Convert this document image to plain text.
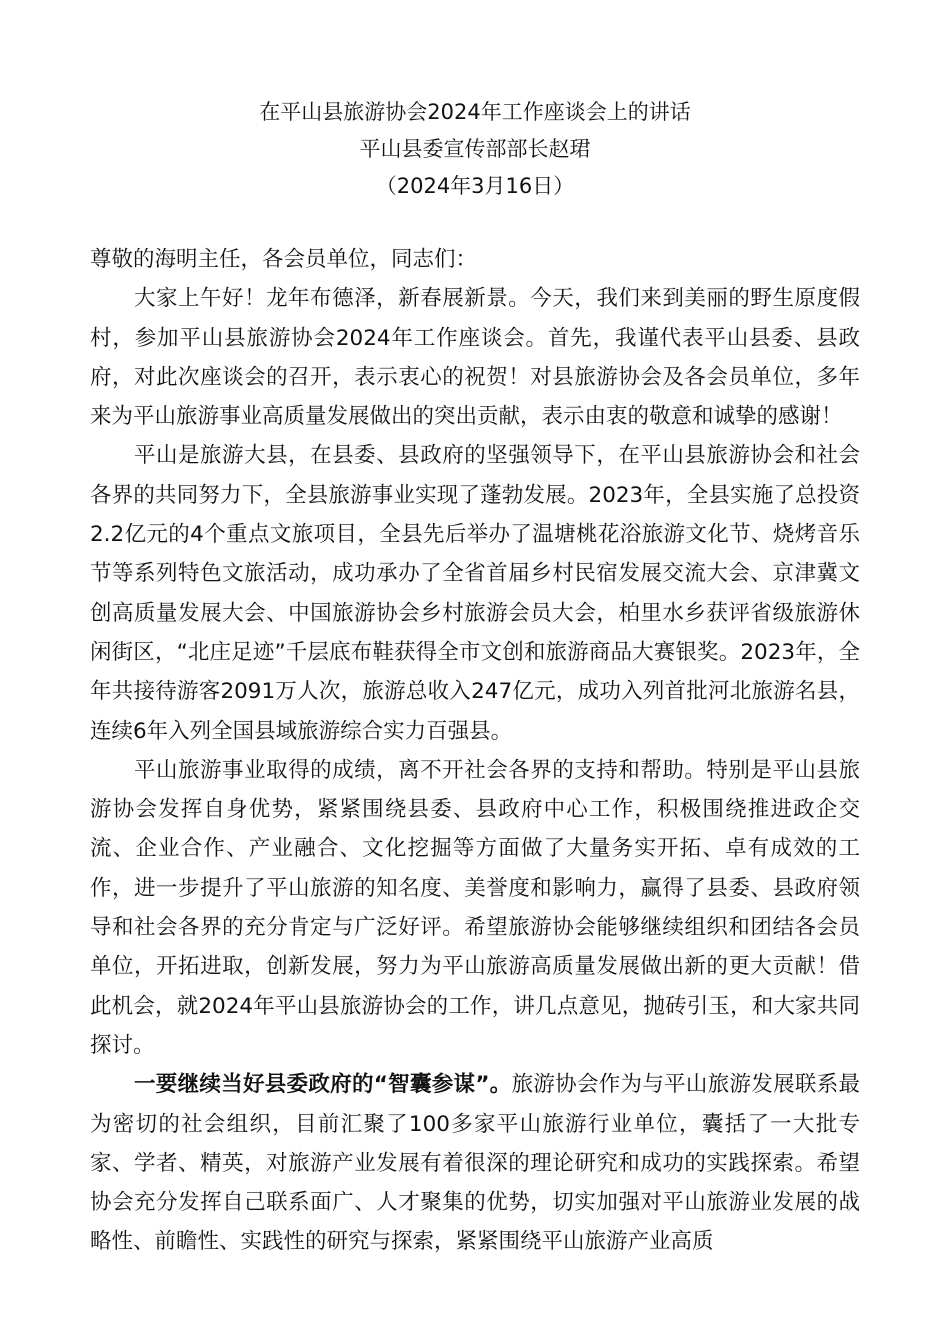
在平山县旅游协会2024年工作座谈会上的讲话
平山县委宣传部部长赵珺
（2024年3月16日）

尊敬的海明主任，各会员单位，同志们：

大家上午好！龙年布德泽，新春展新景。今天，我们来到美丽的野生原度假村，参加平山县旅游协会2024年工作座谈会。首先，我谨代表平山县委、县政府，对此次座谈会的召开，表示衷心的祝贺！对县旅游协会及各会员单位，多年来为平山旅游事业高质量发展做出的突出贡献，表示由衷的敬意和诚挚的感谢！

平山是旅游大县，在县委、县政府的坚强领导下，在平山县旅游协会和社会各界的共同努力下，全县旅游事业实现了蓬勃发展。2023年，全县实施了总投资2.2亿元的4个重点文旅项目，全县先后举办了温塘桃花浴旅游文化节、烧烤音乐节等系列特色文旅活动，成功承办了全省首届乡村民宿发展交流大会、京津冀文创高质量发展大会、中国旅游协会乡村旅游会员大会，柏里水乡获评省级旅游休闲街区，“北庄足迹”千层底布鞋获得全市文创和旅游商品大赛银奖。2023年，全年共接待游客2091万人次，旅游总收入247亿元，成功入列首批河北旅游名县，连续6年入列全国县域旅游综合实力百强县。

平山旅游事业取得的成绩，离不开社会各界的支持和帮助。特别是平山县旅游协会发挥自身优势，紧紧围绕县委、县政府中心工作，积极围绕推进政企交流、企业合作、产业融合、文化挖掘等方面做了大量务实开拓、卓有成效的工作，进一步提升了平山旅游的知名度、美誉度和影响力，赢得了县委、县政府领导和社会各界的充分肯定与广泛好评。希望旅游协会能够继续组织和团结各会员单位，开拓进取，创新发展，努力为平山旅游高质量发展做出新的更大贡献！借此机会，就2024年平山县旅游协会的工作，讲几点意见，抛砖引玉，和大家共同探讨。

一要继续当好县委政府的“智囊参谋”。旅游协会作为与平山旅游发展联系最为密切的社会组织，目前汇聚了100多家平山旅游行业单位，囊括了一大批专家、学者、精英，对旅游产业发展有着很深的理论研究和成功的实践探索。希望协会充分发挥自己联系面广、人才聚集的优势，切实加强对平山旅游业发展的战略性、前瞻性、实践性的研究与探索，紧紧围绕平山旅游产业高质
